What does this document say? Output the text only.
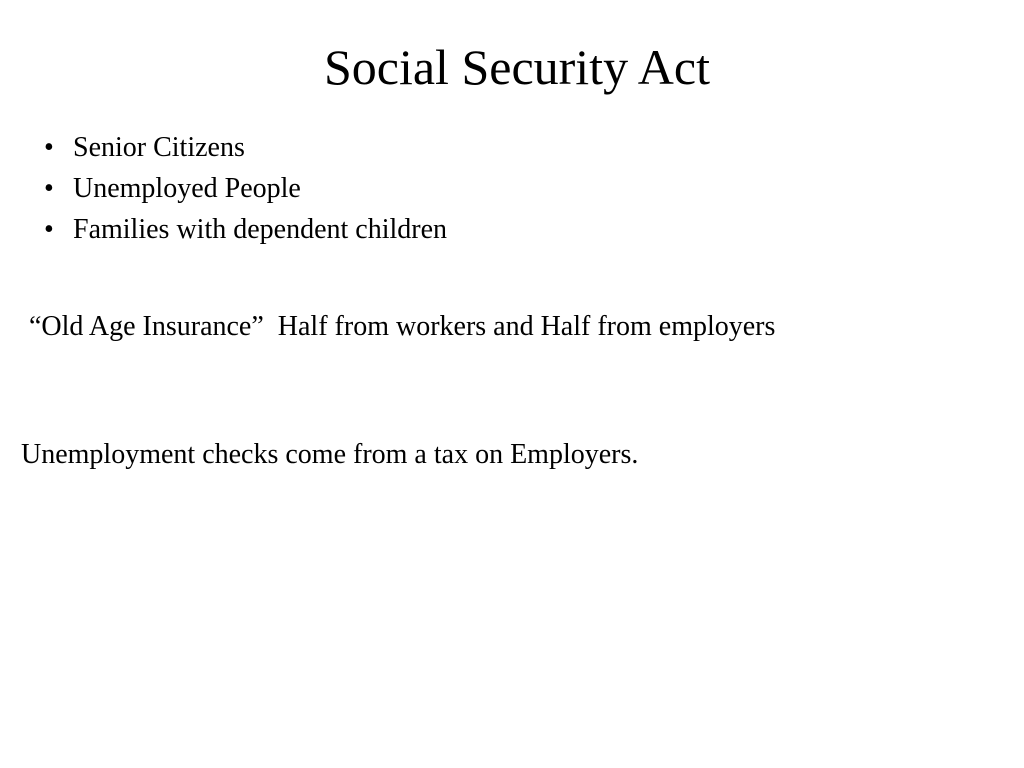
Social Security Act
• Senior Citizens
• Unemployed People
• Families with dependent children

“Old Age Insurance”  Half from workers and Half from employers

Unemployment checks come from a tax on Employers.
